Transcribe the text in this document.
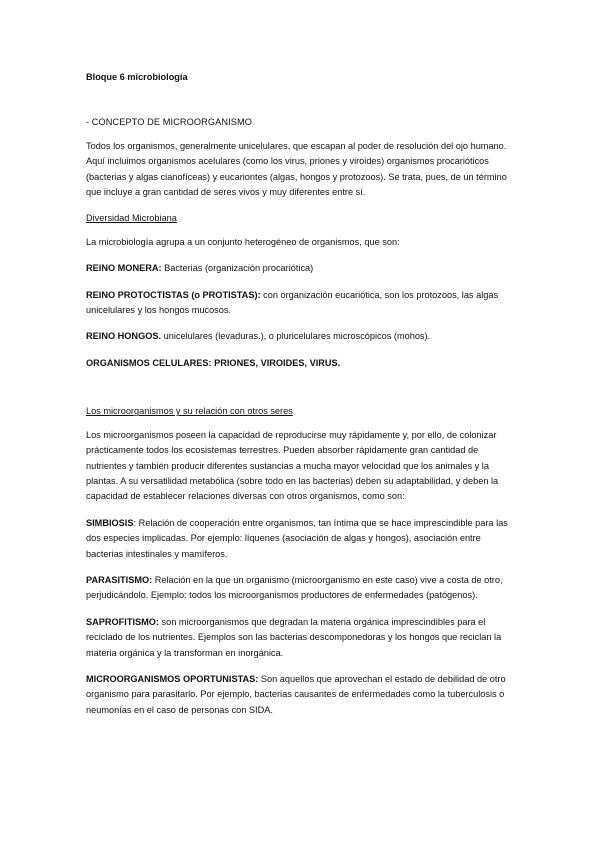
Bloque 6 microbiología
- CONCEPTO DE MICROORGANISMO

Todos los organismos, generalmente unicelulares, que escapan al poder de resolución del ojo humano. Aquí incluimos organismos acelulares (como los virus, priones y viroides) organismos procarióticos (bacterias y algas cianofíceas) y eucariontes (algas, hongos y protozoos). Se trata, pues, de un término que incluye a gran cantidad de seres vivos y muy diferentes entre sí.

Diversidad Microbiana

La microbiología agrupa a un conjunto heterogéneo de organismos, que son:

REINO MONERA: Bacterias (organización procariótica)

REINO PROTOCTISTAS (o PROTISTAS): con organización eucariótica, son los protozoos, las algas unicelulares y los hongos mucosos.

REINO HONGOS. unicelulares (levaduras.), o pluricelulares microscópicos (mohos).

ORGANISMOS CELULARES: PRIONES, VIROIDES, VIRUS.

Los microorganismos y su relación con otros seres

Los microorganismos poseen la capacidad de reproducirse muy rápidamente y, por ello, de colonizar prácticamente todos los ecosistemas terrestres. Pueden absorber rápidamente gran cantidad de nutrientes y también producir diferentes sustancias a mucha mayor velocidad que los animales y la plantas. A su versatilidad metabólica (sobre todo en las bacterias) deben su adaptabilidad, y deben la capacidad de establecer relaciones diversas con otros organismos, como son:

SIMBIOSIS: Relación de cooperación entre organismos, tan íntima que se hace imprescindible para las dos especies implicadas. Por ejemplo: líquenes (asociación de algas y hongos), asociación entre bacterias intestinales y mamíferos.

PARASITISMO: Relación en la que un organismo (microorganismo en este caso) vive a costa de otro, perjudicándolo. Ejemplo: todos los microorganismos productores de enfermedades (patógenos).

SAPROFITISMO: son microorganismos que degradan la materia orgánica imprescindibles para el reciclado de los nutrientes. Ejemplos son las bacterias descomponedoras y los hongos que reciclan la materia orgánica y la transforman en inorgánica.

MICROORGANISMOS OPORTUNISTAS: Son aquellos que aprovechan el estado de debilidad de otro organismo para parasitarlo. Por ejemplo, bacterias causantes de enfermedades como la tuberculosis o neumonías en el caso de personas con SIDA.
